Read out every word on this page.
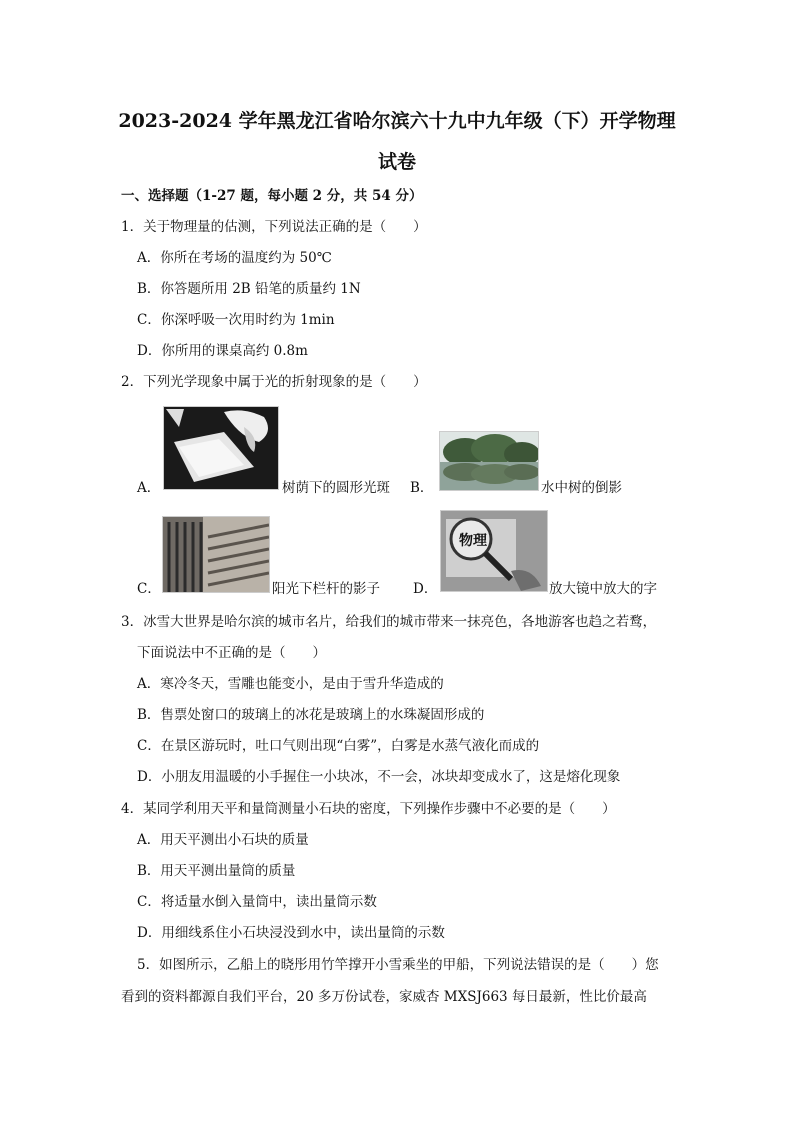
2023-2024 学年黑龙江省哈尔滨六十九中九年级（下）开学物理
试卷
一、选择题（1-27 题，每小题 2 分，共 54 分）
1．关于物理量的估测，下列说法正确的是（　　）
A．你所在考场的温度约为 50℃
B．你答题所用 2B 铅笔的质量约 1N
C．你深呼吸一次用时约为 1min
D．你所用的课桌高约 0.8m
2．下列光学现象中属于光的折射现象的是（　　）
A．	树荫下的圆形光斑 B．	水中树的倒影
C．	阳光下栏杆的影子 D．
物理
放大镜中放大的字
3．冰雪大世界是哈尔滨的城市名片，给我们的城市带来一抹亮色，各地游客也趋之若鹜，
下面说法中不正确的是（　　）
A．寒冷冬天，雪雕也能变小，是由于雪升华造成的
B．售票处窗口的玻璃上的冰花是玻璃上的水珠凝固形成的
C．在景区游玩时，吐口气则出现“白雾”，白雾是水蒸气液化而成的
D．小朋友用温暖的小手握住一小块冰，不一会，冰块却变成水了，这是熔化现象
4．某同学利用天平和量筒测量小石块的密度，下列操作步骤中不必要的是（　　）
A．用天平测出小石块的质量
B．用天平测出量筒的质量
C．将适量水倒入量筒中，读出量筒示数
D．用细线系住小石块浸没到水中，读出量筒的示数
5．如图所示，乙船上的晓彤用竹竿撑开小雪乘坐的甲船，下列说法错误的是（　　）您
看到的资料都源自我们平台，20 多万份试卷，家威杏 MXSJ663 每日最新，性比价最高
